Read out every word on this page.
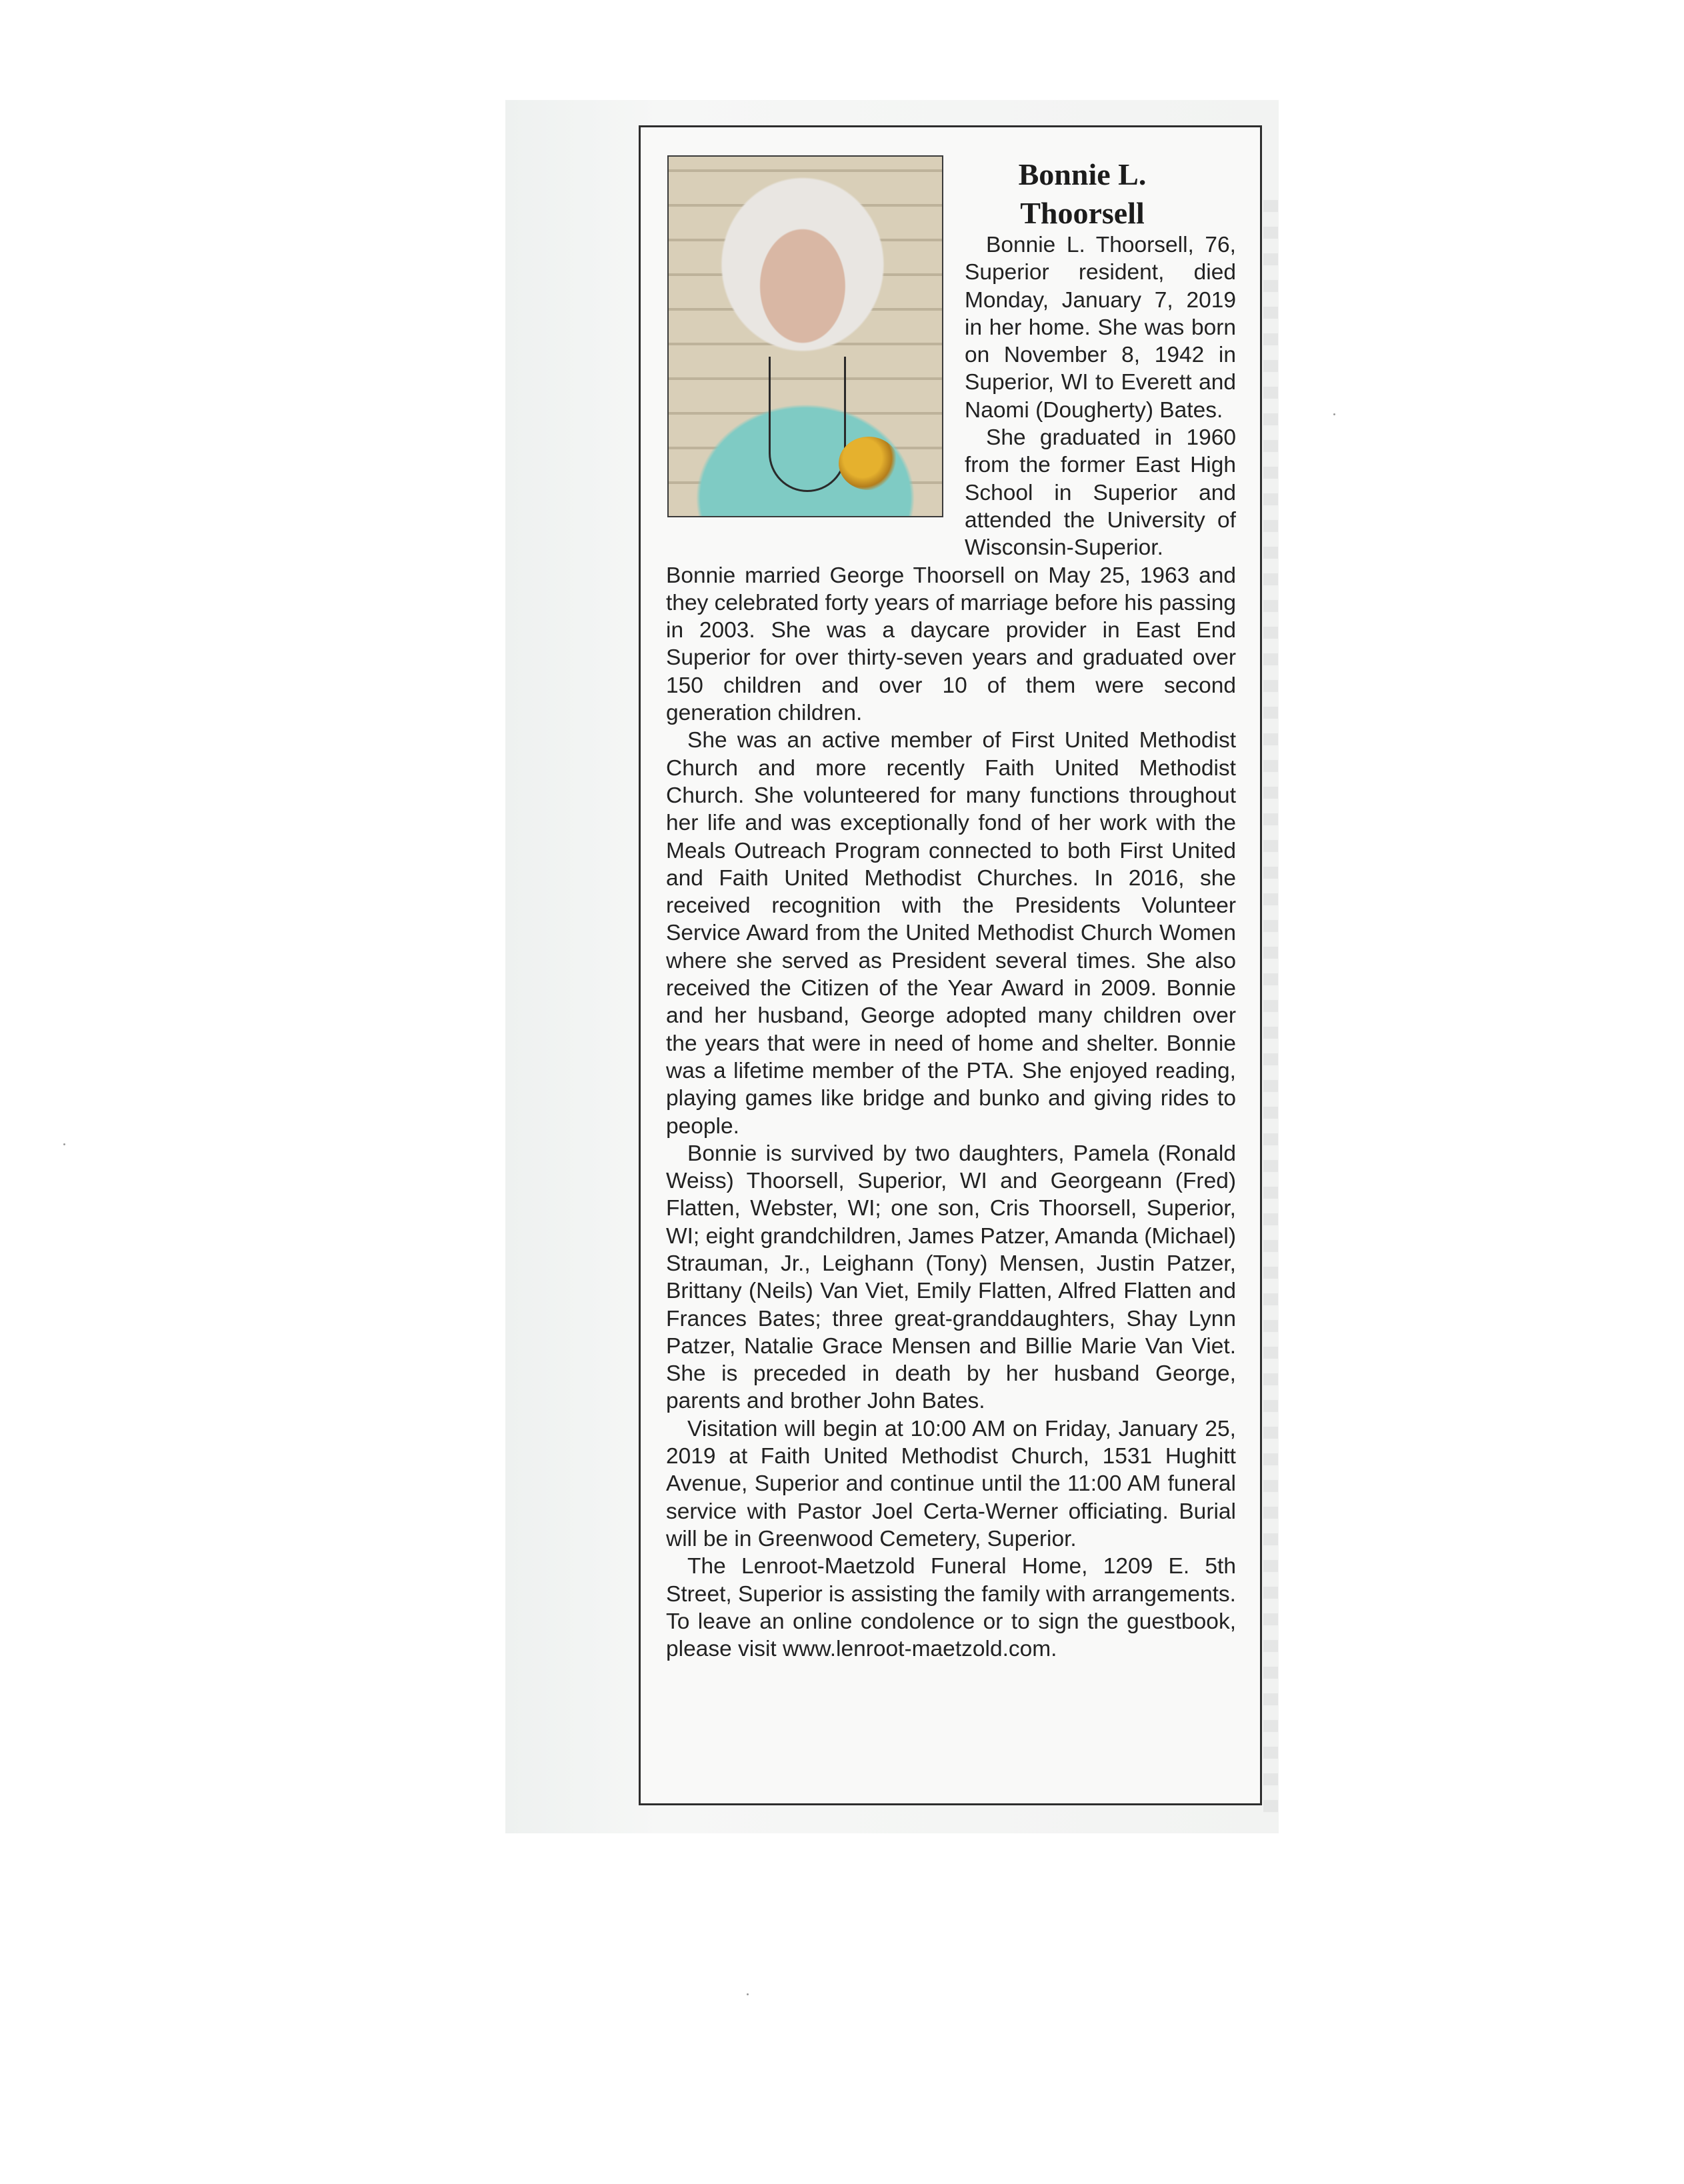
Bonnie L.
Thoorsell

Bonnie L. Thoorsell, 76, Superior resident, died Monday, January 7, 2019 in her home. She was born on November 8, 1942 in Superior, WI to Everett and Naomi (Dougherty) Bates.

She graduated in 1960 from the former East High School in Superior and attended the University of Wisconsin-Superior. Bonnie married George Thoorsell on May 25, 1963 and they celebrated forty years of marriage before his passing in 2003. She was a daycare provider in East End Superior for over thirty-seven years and graduated over 150 children and over 10 of them were second generation children.

She was an active member of First United Methodist Church and more recently Faith United Methodist Church. She volunteered for many functions throughout her life and was exceptionally fond of her work with the Meals Outreach Program connected to both First United and Faith United Methodist Churches. In 2016, she received recognition with the Presidents Volunteer Service Award from the United Methodist Church Women where she served as President several times. She also received the Citizen of the Year Award in 2009. Bonnie and her husband, George adopted many children over the years that were in need of home and shelter. Bonnie was a lifetime member of the PTA. She enjoyed reading, playing games like bridge and bunko and giving rides to people.

Bonnie is survived by two daughters, Pamela (Ronald Weiss) Thoorsell, Superior, WI and Georgeann (Fred) Flatten, Webster, WI; one son, Cris Thoorsell, Superior, WI; eight grandchildren, James Patzer, Amanda (Michael) Strauman, Jr., Leighann (Tony) Mensen, Justin Patzer, Brittany (Neils) Van Viet, Emily Flatten, Alfred Flatten and Frances Bates; three great-granddaughters, Shay Lynn Patzer, Natalie Grace Mensen and Billie Marie Van Viet. She is preceded in death by her husband George, parents and brother John Bates.

Visitation will begin at 10:00 AM on Friday, January 25, 2019 at Faith United Methodist Church, 1531 Hughitt Avenue, Superior and continue until the 11:00 AM funeral service with Pastor Joel Certa-Werner officiating. Burial will be in Greenwood Cemetery, Superior.

The Lenroot-Maetzold Funeral Home, 1209 E. 5th Street, Superior is assisting the family with arrangements. To leave an online condolence or to sign the guestbook, please visit www.lenroot-maetzold.com.
